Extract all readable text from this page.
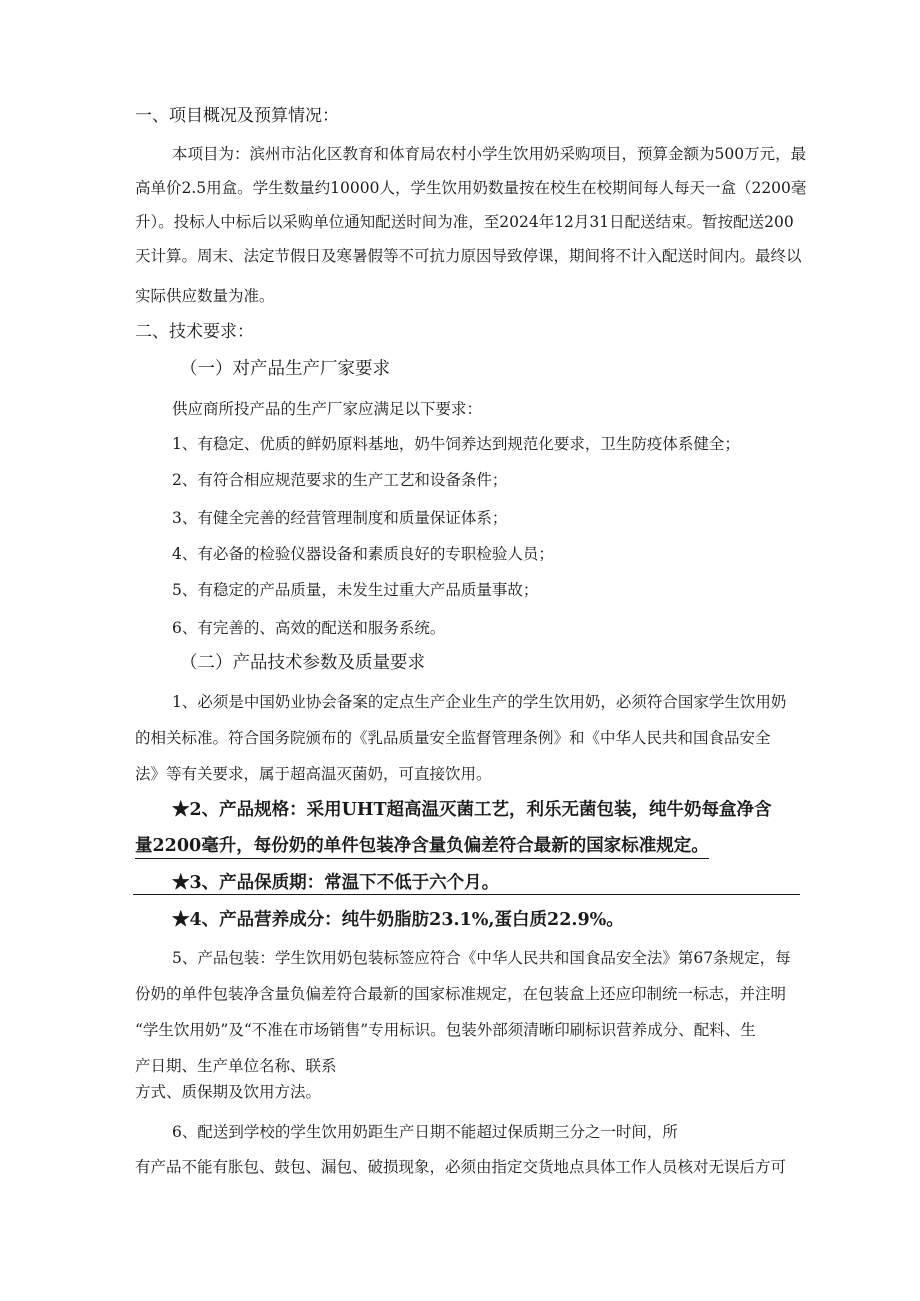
一、项目概况及预算情况：
本项目为：滨州市沾化区教育和体育局农村小学生饮用奶采购项目，预算金额为500万元，最
高单价2.5用盒。学生数量约10000人，学生饮用奶数量按在校生在校期间每人每天一盒（2200毫
升）。投标人中标后以采购单位通知配送时间为准，至2024年12月31日配送结束。暂按配送200
天计算。周末、法定节假日及寒暑假等不可抗力原因导致停课，期间将不计入配送时间内。最终以
实际供应数量为准。
二、技术要求：
（一）对产品生产厂家要求
供应商所投产品的生产厂家应满足以下要求：
1、有稳定、优质的鲜奶原料基地，奶牛饲养达到规范化要求，卫生防疫体系健全；
2、有符合相应规范要求的生产工艺和设备条件；
3、有健全完善的经营管理制度和质量保证体系；
4、有必备的检验仪器设备和素质良好的专职检验人员；
5、有稳定的产品质量，未发生过重大产品质量事故；
6、有完善的、高效的配送和服务系统。
（二）产品技术参数及质量要求
1、必须是中国奶业协会备案的定点生产企业生产的学生饮用奶，必须符合国家学生饮用奶
的相关标准。符合国务院颁布的《乳品质量安全监督管理条例》和《中华人民共和国食品安全
法》等有关要求，属于超高温灭菌奶，可直接饮用。
★2、产品规格：采用UHT超高温灭菌工艺，利乐无菌包装，纯牛奶每盒净含
量2200毫升，每份奶的单件包装净含量负偏差符合最新的国家标准规定。
★3、产品保质期：常温下不低于六个月。
★4、产品营养成分：纯牛奶脂肪23.1%,蛋白质22.9%。
5、产品包装：学生饮用奶包装标签应符合《中华人民共和国食品安全法》第67条规定，每
份奶的单件包装净含量负偏差符合最新的国家标准规定，在包装盒上还应印制统一标志，并注明
“学生饮用奶”及“不准在市场销售”专用标识。包装外部须清晰印刷标识营养成分、配料、生
产日期、生产单位名称、联系
方式、质保期及饮用方法。
6、配送到学校的学生饮用奶距生产日期不能超过保质期三分之一时间，所
有产品不能有胀包、鼓包、漏包、破损现象，必须由指定交货地点具体工作人员核对无误后方可
